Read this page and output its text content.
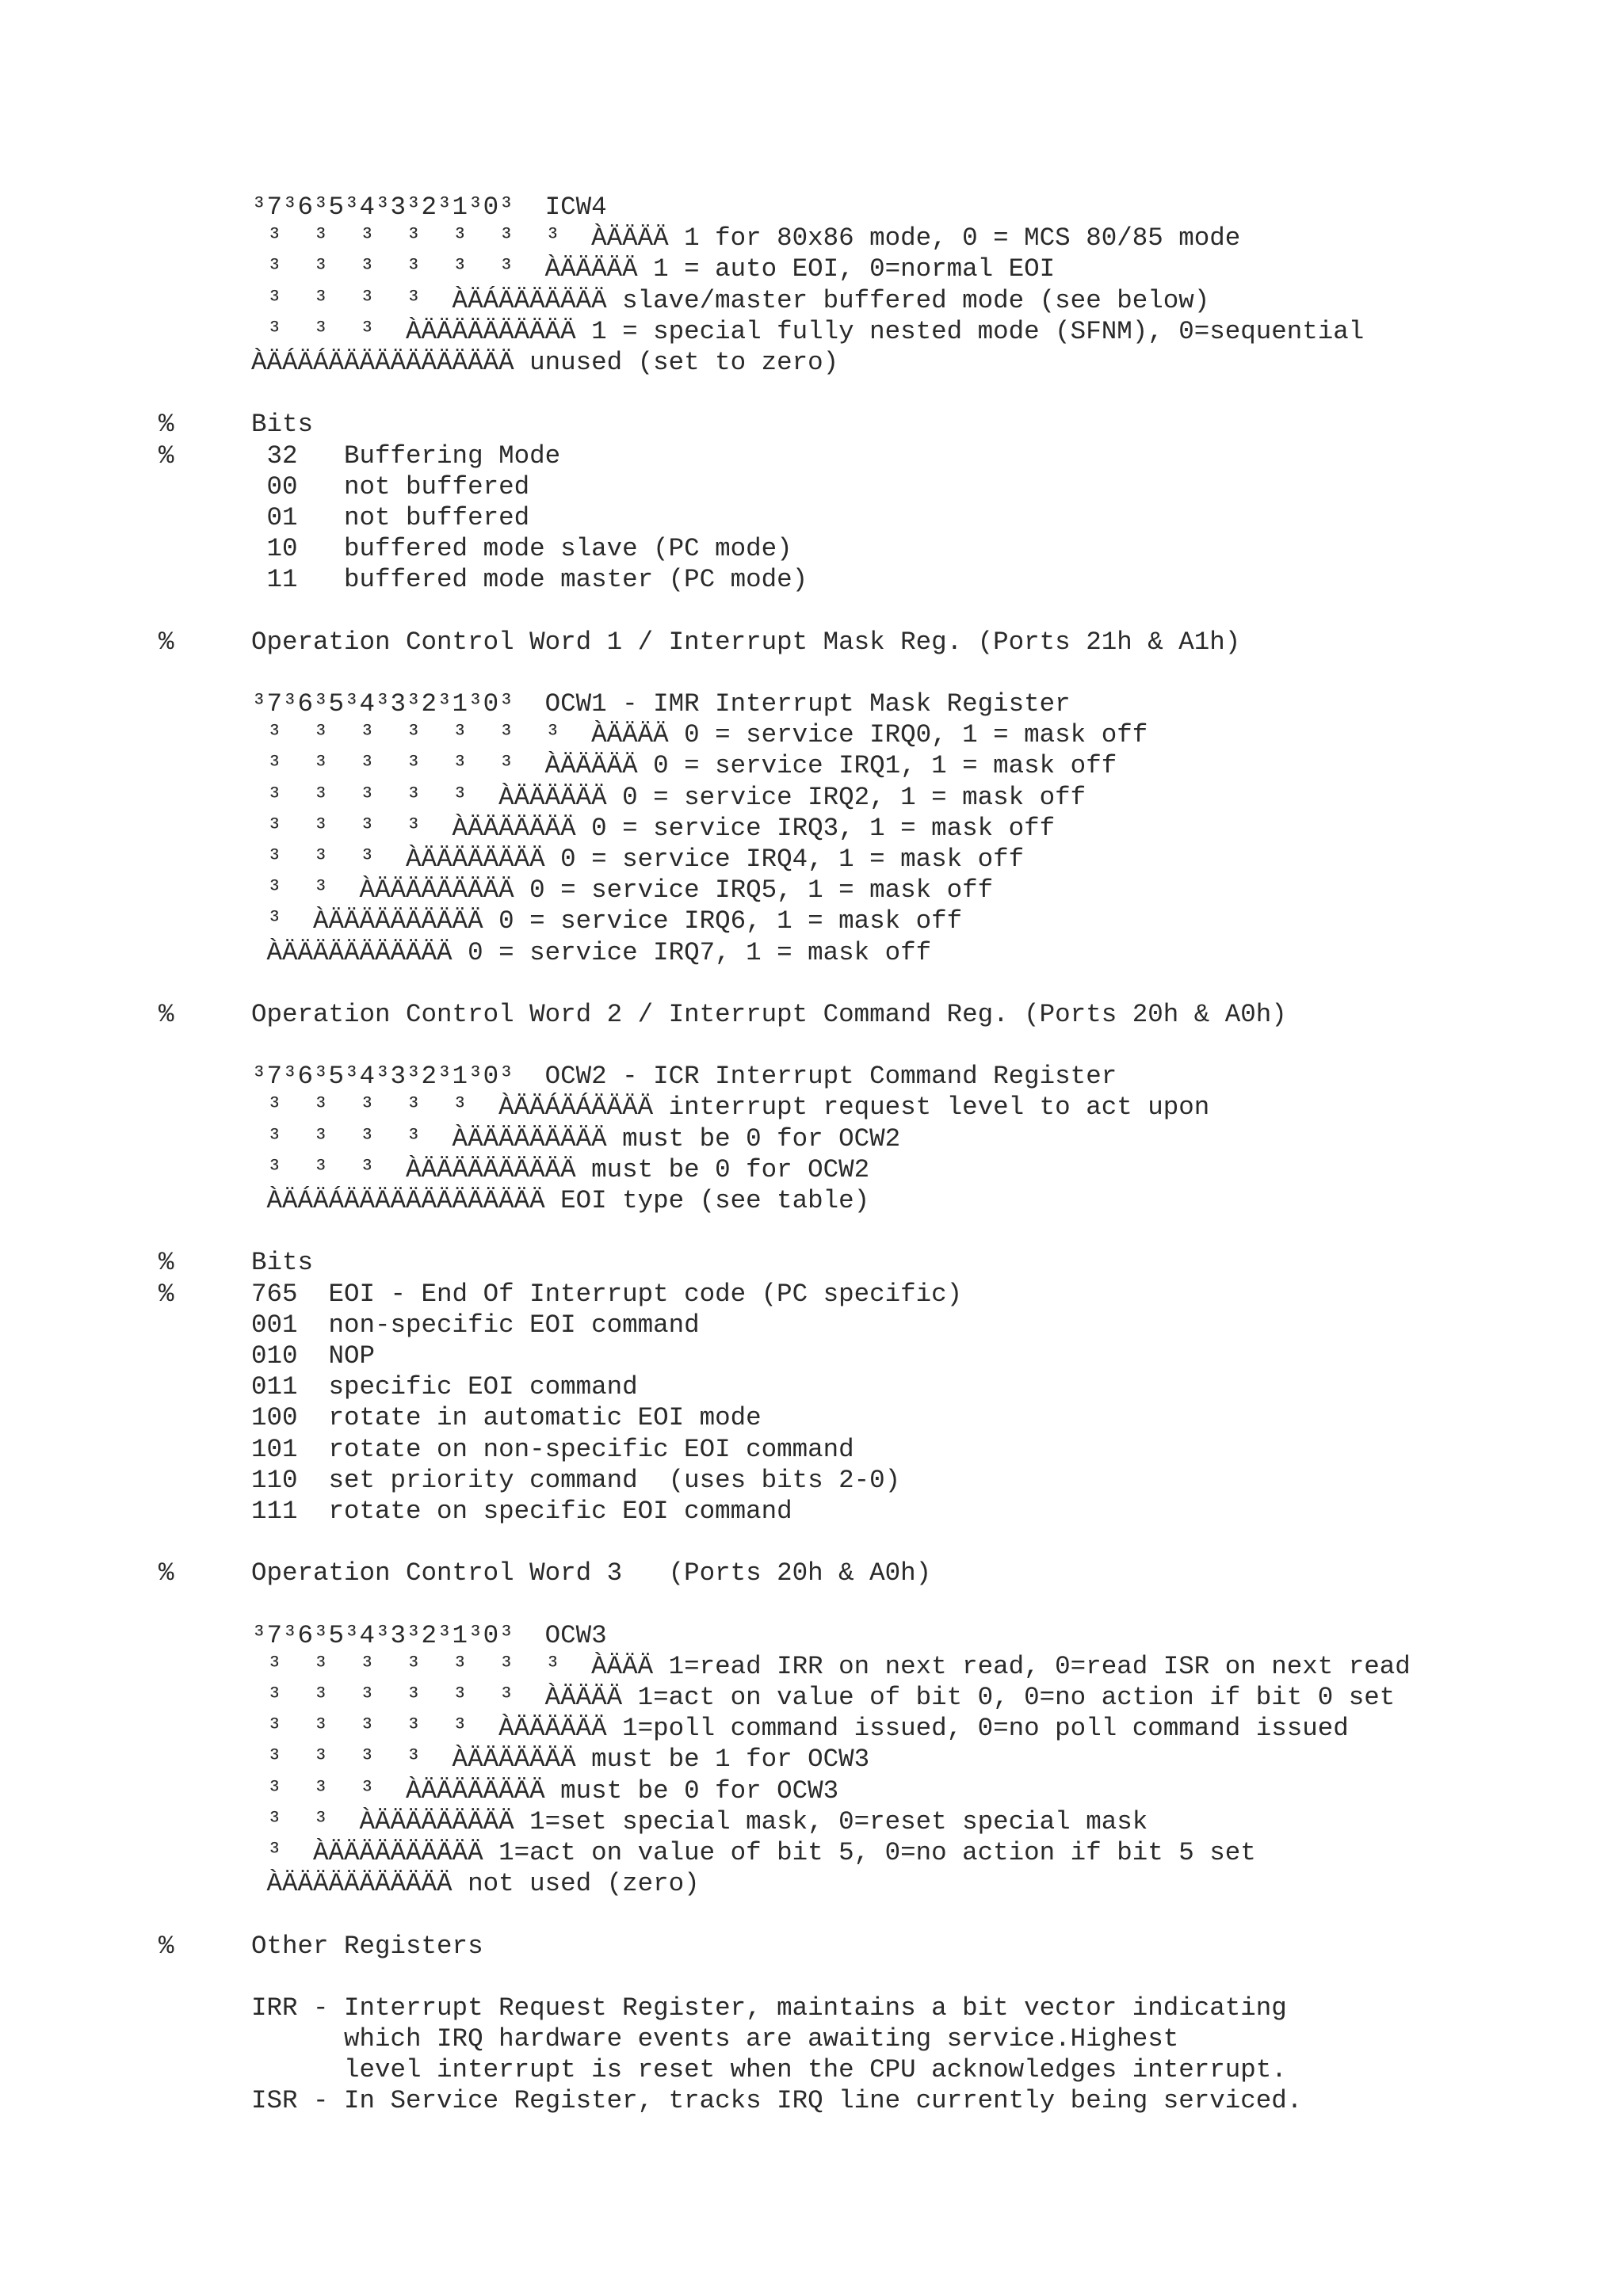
³7³6³5³4³3³2³1³0³  ICW4
³  ³  ³  ³  ³  ³  ³  ÀÄÄÄÄ 1 for 80x86 mode, 0 = MCS 80/85 mode
³  ³  ³  ³  ³  ³  ÀÄÄÄÄÄ 1 = auto EOI, 0=normal EOI
³  ³  ³  ³  ÀÄÁÄÄÄÄÄÄÄ slave/master buffered mode (see below)
³  ³  ³  ÀÄÄÄÄÄÄÄÄÄÄ 1 = special fully nested mode (SFNM), 0=sequential
ÀÄÁÄÁÄÄÄÄÄÄÄÄÄÄÄÄ unused (set to zero)
%     Bits
%      32   Buffering Mode
00   not buffered
01   not buffered
10   buffered mode slave (PC mode)
11   buffered mode master (PC mode)
%     Operation Control Word 1 / Interrupt Mask Reg. (Ports 21h & A1h)
³7³6³5³4³3³2³1³0³  OCW1 - IMR Interrupt Mask Register
³  ³  ³  ³  ³  ³  ³  ÀÄÄÄÄ 0 = service IRQ0, 1 = mask off
³  ³  ³  ³  ³  ³  ÀÄÄÄÄÄ 0 = service IRQ1, 1 = mask off
³  ³  ³  ³  ³  ÀÄÄÄÄÄÄ 0 = service IRQ2, 1 = mask off
³  ³  ³  ³  ÀÄÄÄÄÄÄÄ 0 = service IRQ3, 1 = mask off
³  ³  ³  ÀÄÄÄÄÄÄÄÄ 0 = service IRQ4, 1 = mask off
³  ³  ÀÄÄÄÄÄÄÄÄÄ 0 = service IRQ5, 1 = mask off
³  ÀÄÄÄÄÄÄÄÄÄÄ 0 = service IRQ6, 1 = mask off
ÀÄÄÄÄÄÄÄÄÄÄÄ 0 = service IRQ7, 1 = mask off
%     Operation Control Word 2 / Interrupt Command Reg. (Ports 20h & A0h)
³7³6³5³4³3³2³1³0³  OCW2 - ICR Interrupt Command Register
³  ³  ³  ³  ³  ÀÄÄÁÄÁÄÄÄÄ interrupt request level to act upon
³  ³  ³  ³  ÀÄÄÄÄÄÄÄÄÄ must be 0 for OCW2
³  ³  ³  ÀÄÄÄÄÄÄÄÄÄÄ must be 0 for OCW2
ÀÄÁÄÁÄÄÄÄÄÄÄÄÄÄÄÄÄ EOI type (see table)
%     Bits
%     765  EOI - End Of Interrupt code (PC specific)
001  non-specific EOI command
010  NOP
011  specific EOI command
100  rotate in automatic EOI mode
101  rotate on non-specific EOI command
110  set priority command  (uses bits 2-0)
111  rotate on specific EOI command
%     Operation Control Word 3   (Ports 20h & A0h)
³7³6³5³4³3³2³1³0³  OCW3
³  ³  ³  ³  ³  ³  ³  ÀÄÄÄ 1=read IRR on next read, 0=read ISR on next read
³  ³  ³  ³  ³  ³  ÀÄÄÄÄ 1=act on value of bit 0, 0=no action if bit 0 set
³  ³  ³  ³  ³  ÀÄÄÄÄÄÄ 1=poll command issued, 0=no poll command issued
³  ³  ³  ³  ÀÄÄÄÄÄÄÄ must be 1 for OCW3
³  ³  ³  ÀÄÄÄÄÄÄÄÄ must be 0 for OCW3
³  ³  ÀÄÄÄÄÄÄÄÄÄ 1=set special mask, 0=reset special mask
³  ÀÄÄÄÄÄÄÄÄÄÄ 1=act on value of bit 5, 0=no action if bit 5 set
ÀÄÄÄÄÄÄÄÄÄÄÄ not used (zero)
%     Other Registers
IRR - Interrupt Request Register, maintains a bit vector indicating
which IRQ hardware events are awaiting service.Highest
level interrupt is reset when the CPU acknowledges interrupt.
ISR - In Service Register, tracks IRQ line currently being serviced.
